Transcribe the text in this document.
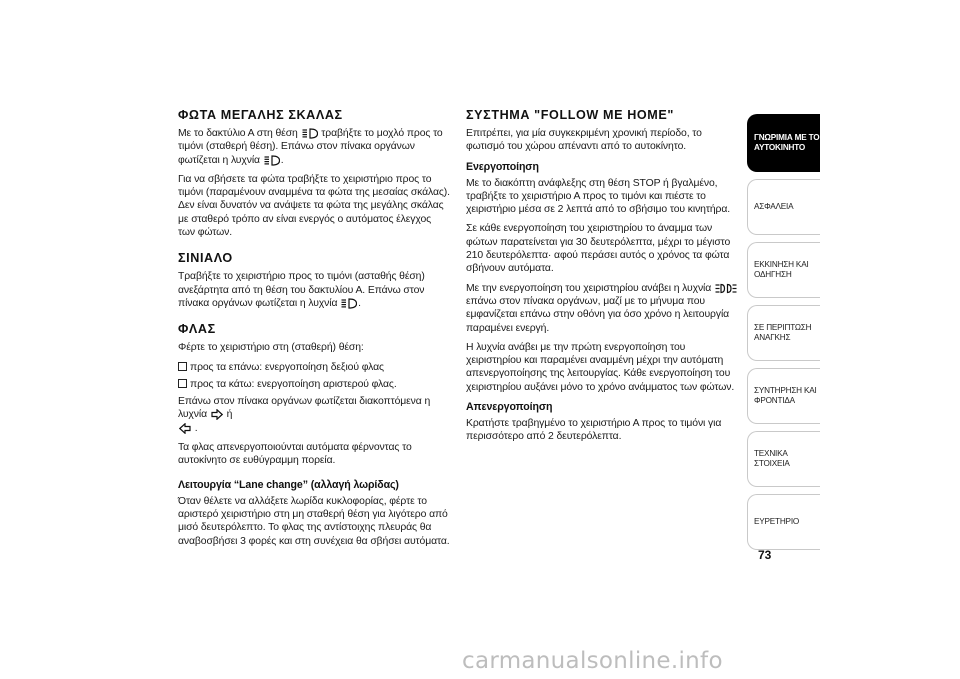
ΦΩΤΑ ΜΕΓΑΛΗΣ ΣΚΑΛΑΣ

Με το δακτύλιο Α στη θέση τραβήξτε το μοχλό προς το τιμόνι (σταθερή θέση). Επάνω στον πίνακα οργάνων φωτίζεται η λυχνία .

Για να σβήσετε τα φώτα τραβήξτε το χειριστήριο προς το τιμόνι (παραμένουν αναμμένα τα φώτα της μεσαίας σκάλας). Δεν είναι δυνατόν να ανάψετε τα φώτα της μεγάλης σκάλας με σταθερό τρόπο αν είναι ενεργός ο αυτόματος έλεγχος των φώτων.

ΣΙΝΙΑΛΟ

Τραβήξτε το χειριστήριο προς το τιμόνι (ασταθής θέση) ανεξάρτητα από τη θέση του δακτυλίου Α. Επάνω στον πίνακα οργάνων φωτίζεται η λυχνία .

ΦΛΑΣ

Φέρτε το χειριστήριο στη (σταθερή) θέση:

προς τα επάνω: ενεργοποίηση δεξιού φλας
προς τα κάτω: ενεργοποίηση αριστερού φλας.

Επάνω στον πίνακα οργάνων φωτίζεται διακοπτόμενα η λυχνία ή

.

Τα φλας απενεργοποιούνται αυτόματα φέρνοντας το αυτοκίνητο σε ευθύγραμμη πορεία.

Λειτουργία “Lane change” (αλλαγή λωρίδας)

Όταν θέλετε να αλλάξετε λωρίδα κυκλοφορίας, φέρτε το αριστερό χειριστήριο στη μη σταθερή θέση για λιγότερο από μισό δευτερόλεπτο. Το φλας της αντίστοιχης πλευράς θα αναβοσβήσει 3 φορές και στη συνέχεια θα σβήσει αυτόματα.

ΣΥΣΤΗΜΑ "FOLLOW ME HOME"

Επιτρέπει, για μία συγκεκριμένη χρονική περίοδο, το φωτισμό του χώρου απέναντι από το αυτοκίνητο.

Ενεργοποίηση

Με το διακόπτη ανάφλεξης στη θέση STOP ή βγαλμένο, τραβήξτε το χειριστήριο Α προς το τιμόνι και πιέστε το χειριστήριο μέσα σε 2 λεπτά από το σβήσιμο του κινητήρα.

Σε κάθε ενεργοποίηση του χειριστηρίου το άναμμα των φώτων παρατείνεται για 30 δευτερόλεπτα, μέχρι το μέγιστο 210 δευτερόλεπτα· αφού περάσει αυτός ο χρόνος τα φώτα σβήνουν αυτόματα.

Με την ενεργοποίηση του χειριστηρίου ανάβει η λυχνία
επάνω στον πίνακα οργάνων, μαζί με το μήνυμα που εμφανίζεται επάνω στην οθόνη για όσο χρόνο η λειτουργία παραμένει ενεργή.

Η λυχνία ανάβει με την πρώτη ενεργοποίηση του χειριστηρίου και παραμένει αναμμένη μέχρι την αυτόματη απενεργοποίησης της λειτουργίας. Κάθε ενεργοποίηση του χειριστηρίου αυξάνει μόνο το χρόνο ανάμματος των φώτων.

Απενεργοποίηση

Κρατήστε τραβηγμένο το χειριστήριο Α προς το τιμόνι για περισσότερο από 2 δευτερόλεπτα.

ΓΝΩΡΙΜΙΑ ΜΕ ΤΟ
ΑΥΤΟΚΙΝΗΤΟ
ΑΣΦΑΛΕΙΑ
ΕΚΚΙΝΗΣΗ ΚΑΙ
ΟΔΗΓΗΣΗ
ΣΕ ΠΕΡΙΠΤΩΣΗ
ΑΝΑΓΚΗΣ
ΣΥΝΤΗΡΗΣΗ ΚΑΙ
ΦΡΟΝΤΙΔΑ
ΤΕΧΝΙΚΑ ΣΤΟΙΧΕΙΑ
ΕΥΡΕΤΗΡΙΟ
73
carmanualsonline.info
